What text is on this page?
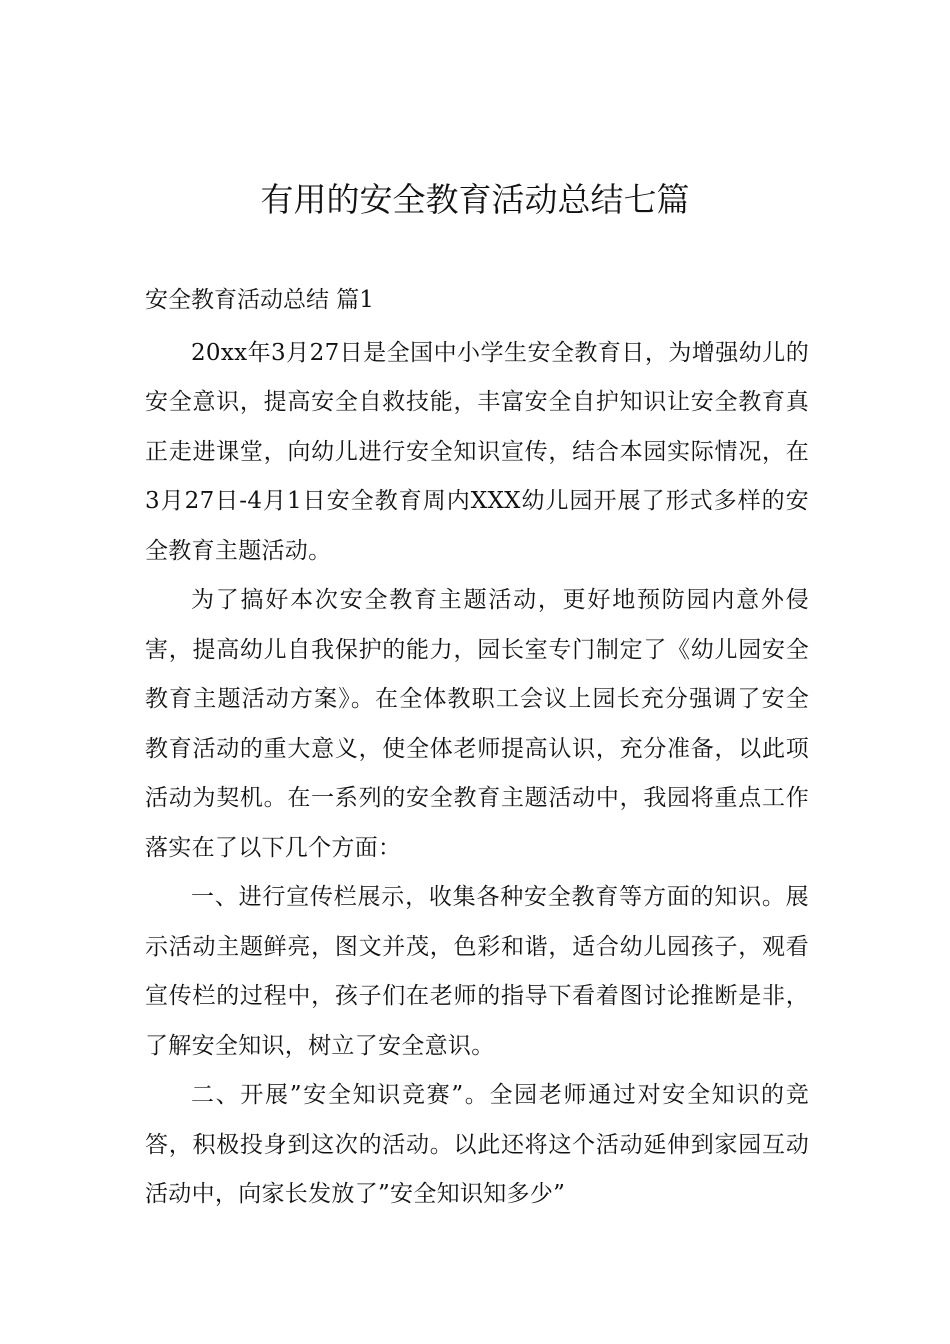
有用的安全教育活动总结七篇

安全教育活动总结 篇1

20xx年3月27日是全国中小学生安全教育日，为增强幼儿的安全意识，提高安全自救技能，丰富安全自护知识让安全教育真正走进课堂，向幼儿进行安全知识宣传，结合本园实际情况，在3月27日-4月1日安全教育周内XXX幼儿园开展了形式多样的安全教育主题活动。

为了搞好本次安全教育主题活动，更好地预防园内意外侵害，提高幼儿自我保护的能力，园长室专门制定了《幼儿园安全教育主题活动方案》。在全体教职工会议上园长充分强调了安全教育活动的重大意义，使全体老师提高认识，充分准备，以此项活动为契机。在一系列的安全教育主题活动中，我园将重点工作落实在了以下几个方面：

一、进行宣传栏展示，收集各种安全教育等方面的知识。展示活动主题鲜亮，图文并茂，色彩和谐，适合幼儿园孩子，观看宣传栏的过程中，孩子们在老师的指导下看着图讨论推断是非，了解安全知识，树立了安全意识。

二、开展”安全知识竞赛”。全园老师通过对安全知识的竞答，积极投身到这次的活动。以此还将这个活动延伸到家园互动活动中，向家长发放了”安全知识知多少”
